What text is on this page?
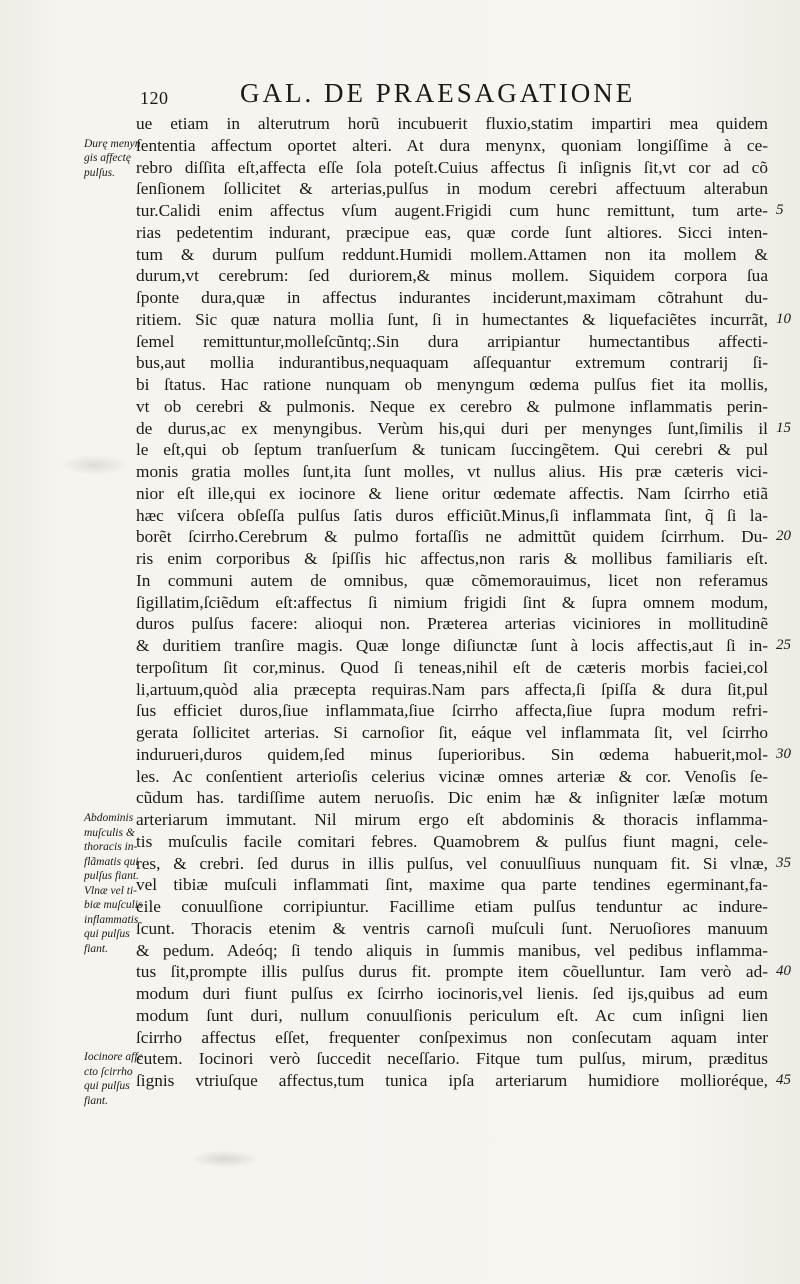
120	GAL. DE PRAESAGATIONE
ue etiam in alterutrum horũ incubuerit fluxio,statim impartiri mea quidem
ſententia affectum oportet alteri. At dura menynx, quoniam longiſſime à ce-
rebro diſſita eſt,affecta eſſe ſola poteſt.Cuius affectus ſi inſignis ſit,vt cor ad cõ
ſenſionem ſollicitet & arterias,pulſus in modum cerebri affectuum alterabun
tur.Calidi enim affectus vſum augent.Frigidi cum hunc remittunt, tum arte-
rias pedetentim indurant, præcipue eas, quæ corde ſunt altiores. Sicci inten-
tum & durum pulſum reddunt.Humidi mollem.Attamen non ita mollem &
durum,vt cerebrum: ſed duriorem,& minus mollem. Siquidem corpora ſua
ſponte dura,quæ in affectus indurantes inciderunt,maximam cõtrahunt du-
ritiem. Sic quæ natura mollia ſunt, ſi in humectantes & liquefaciẽtes incurrãt,
ſemel remittuntur,molleſcũntq;.Sin dura arripiantur humectantibus affecti-
bus,aut mollia indurantibus,nequaquam aſſequantur extremum contrarij ſi-
bi ſtatus. Hac ratione nunquam ob menyngum œdema pulſus fiet ita mollis,
vt ob cerebri & pulmonis. Neque ex cerebro & pulmone inflammatis perin-
de durus,ac ex menyngibus. Verùm his,qui duri per menynges ſunt,ſimilis il
le eſt,qui ob ſeptum tranſuerſum & tunicam ſuccingẽtem. Qui cerebri & pul
monis gratia molles ſunt,ita ſunt molles, vt nullus alius. His præ cæteris vici-
nior eſt ille,qui ex iocinore & liene oritur œdemate affectis. Nam ſcirrho etiã
hæc viſcera obſeſſa pulſus ſatis duros efficiũt.Minus,ſi inflammata ſint, q̃ ſi la-
borẽt ſcirrho.Cerebrum & pulmo fortaſſis ne admittũt quidem ſcirrhum. Du-
ris enim corporibus & ſpiſſis hic affectus,non raris & mollibus familiaris eſt.
In communi autem de omnibus, quæ cõmemorauimus, licet non referamus
ſigillatim,ſciẽdum eſt:affectus ſi nimium frigidi ſint & ſupra omnem modum,
duros pulſus facere: alioqui non. Præterea arterias viciniores in mollitudinẽ
& duritiem tranſire magis. Quæ longe diſiunctæ ſunt à locis affectis,aut ſi in-
terpoſitum ſit cor,minus. Quod ſi teneas,nihil eſt de cæteris morbis faciei,col
li,artuum,quòd alia præcepta requiras.Nam pars affecta,ſi ſpiſſa & dura ſit,pul
ſus efficiet duros,ſiue inflammata,ſiue ſcirrho affecta,ſiue ſupra modum refri-
gerata ſollicitet arterias. Si carnoſior ſit, eáque vel inflammata ſit, vel ſcirrho
indurueri,duros quidem,ſed minus ſuperioribus. Sin œdema habuerit,mol-
les. Ac conſentient arterioſis celerius vicinæ omnes arteriæ & cor. Venoſis ſe-
cũdum has. tardiſſime autem neruoſis. Dic enim hæ & inſigniter læſæ motum
arteriarum immutant. Nil mirum ergo eſt abdominis & thoracis inflamma-
tis muſculis facile comitari febres. Quamobrem & pulſus fiunt magni, cele-
res, & crebri. ſed durus in illis pulſus, vel conuulſiuus nunquam fit. Si vlnæ,
vel tibiæ muſculi inflammati ſint, maxime qua parte tendines egerminant,fa-
cile conuulſione corripiuntur. Facillime etiam pulſus tenduntur ac indure-
ſcunt. Thoracis etenim & ventris carnoſi muſculi ſunt. Neruoſiores manuum
& pedum. Adeóq; ſi tendo aliquis in ſummis manibus, vel pedibus inflamma-
tus ſit,prompte illis pulſus durus fit. prompte item cõuelluntur. Iam verò ad-
modum duri fiunt pulſus ex ſcirrho iocinoris,vel lienis. ſed ijs,quibus ad eum
modum ſunt duri, nullum conuulſionis periculum eſt. Ac cum inſigni lien
ſcirrho affectus eſſet, frequenter conſpeximus non conſecutam aquam inter
cutem. Iocinori verò ſuccedit neceſſario. Fitque tum pulſus, mirum, præditus
ſignis vtriuſque affectus,tum tunica ipſa arteriarum humidiore mollioréque,
Durę menyn
gis affectę
pulſus.
Abdominis
muſculis &
thoracis in-
flãmatis qui
pulſus fiant.
Vlnæ vel ti-
biæ muſculis
inflammatis
qui pulſus
fiant.
Iocinore affe
cto ſcirrho
qui pulſus
fiant.
5
10
15
20
25
30
35
40
45
